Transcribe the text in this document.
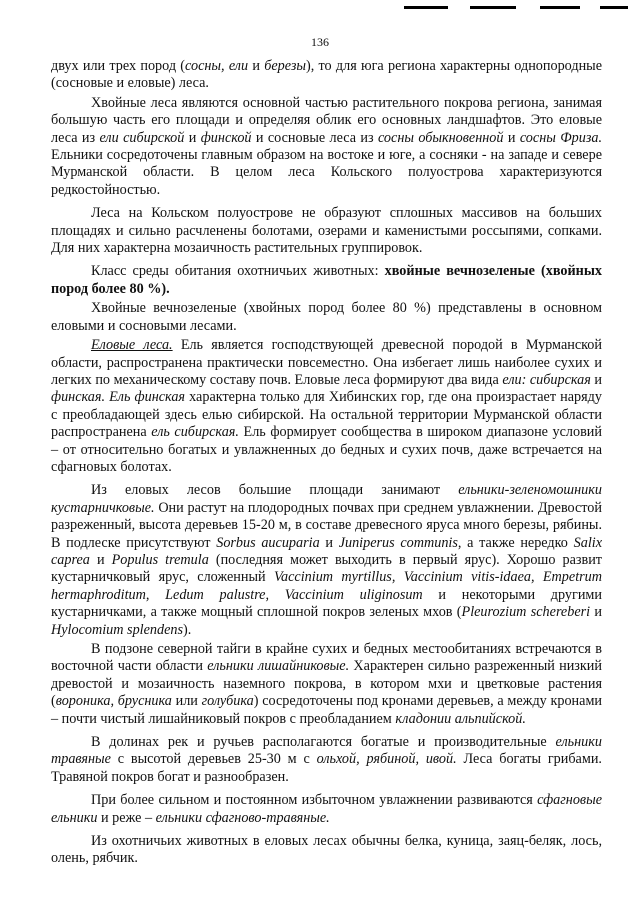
136

двух или трех пород (сосны, ели и березы), то для юга региона характерны однопородные (сосновые и еловые) леса.

Хвойные леса являются основной частью растительного покрова региона, занимая большую часть его площади и определяя облик его основных ландшафтов. Это еловые леса из ели сибирской и финской и сосновые леса из сосны обыкновенной и сосны Фриза. Ельники сосредоточены главным образом на востоке и юге, а сосняки - на западе и севере Мурманской области. В целом леса Кольского полуострова характеризуются редкостойностью.

Леса на Кольском полуострове не образуют сплошных массивов на больших площадях и сильно расчленены болотами, озерами и каменистыми россыпями, сопками. Для них характерна мозаичность растительных группировок.

Класс среды обитания охотничьих животных: хвойные вечнозеленые (хвойных пород более 80 %).

Хвойные вечнозеленые (хвойных пород более 80 %) представлены в основном еловыми и сосновыми лесами.

Еловые леса. Ель является господствующей древесной породой в Мурманской области, распространена практически повсеместно. Она избегает лишь наиболее сухих и легких по механическому составу почв. Еловые леса формируют два вида ели: сибирская и финская. Ель финская характерна только для Хибинских гор, где она произрастает наряду с преобладающей здесь елью сибирской. На остальной территории Мурманской области распространена ель сибирская. Ель формирует сообщества в широком диапазоне условий – от относительно богатых и увлажненных до бедных и сухих почв, даже встречается на сфагновых болотах.

Из еловых лесов большие площади занимают ельники-зеленомошники кустарничковые. Они растут на плодородных почвах при среднем увлажнении. Древостой разреженный, высота деревьев 15-20 м, в составе древесного яруса много березы, рябины. В подлеске присутствуют Sorbus aucuparia и Juniperus communis, а также нередко Salix caprea и Populus tremula (последняя может выходить в первый ярус). Хорошо развит кустарничковый ярус, сложенный Vaccinium myrtillus, Vaccinium vitis-idaea, Empetrum hermaphroditum, Ledum palustre, Vaccinium uliginosum и некоторыми другими кустарничками, а также мощный сплошной покров зеленых мхов (Pleurozium schereberi и Hylocomium splendens).

В подзоне северной тайги в крайне сухих и бедных местообитаниях встречаются в восточной части области ельники лишайниковые. Характерен сильно разреженный низкий древостой и мозаичность наземного покрова, в котором мхи и цветковые растения (вороника, брусника или голубика) сосредоточены под кронами деревьев, а между кронами – почти чистый лишайниковый покров с преобладанием кладонии альпийской.

В долинах рек и ручьев располагаются богатые и производительные ельники травяные с высотой деревьев 25-30 м с ольхой, рябиной, ивой. Леса богаты грибами. Травяной покров богат и разнообразен.

При более сильном и постоянном избыточном увлажнении развиваются сфагновые ельники и реже – ельники сфагново-травяные.

Из охотничьих животных в еловых лесах обычны белка, куница, заяц-беляк, лось, олень, рябчик.
